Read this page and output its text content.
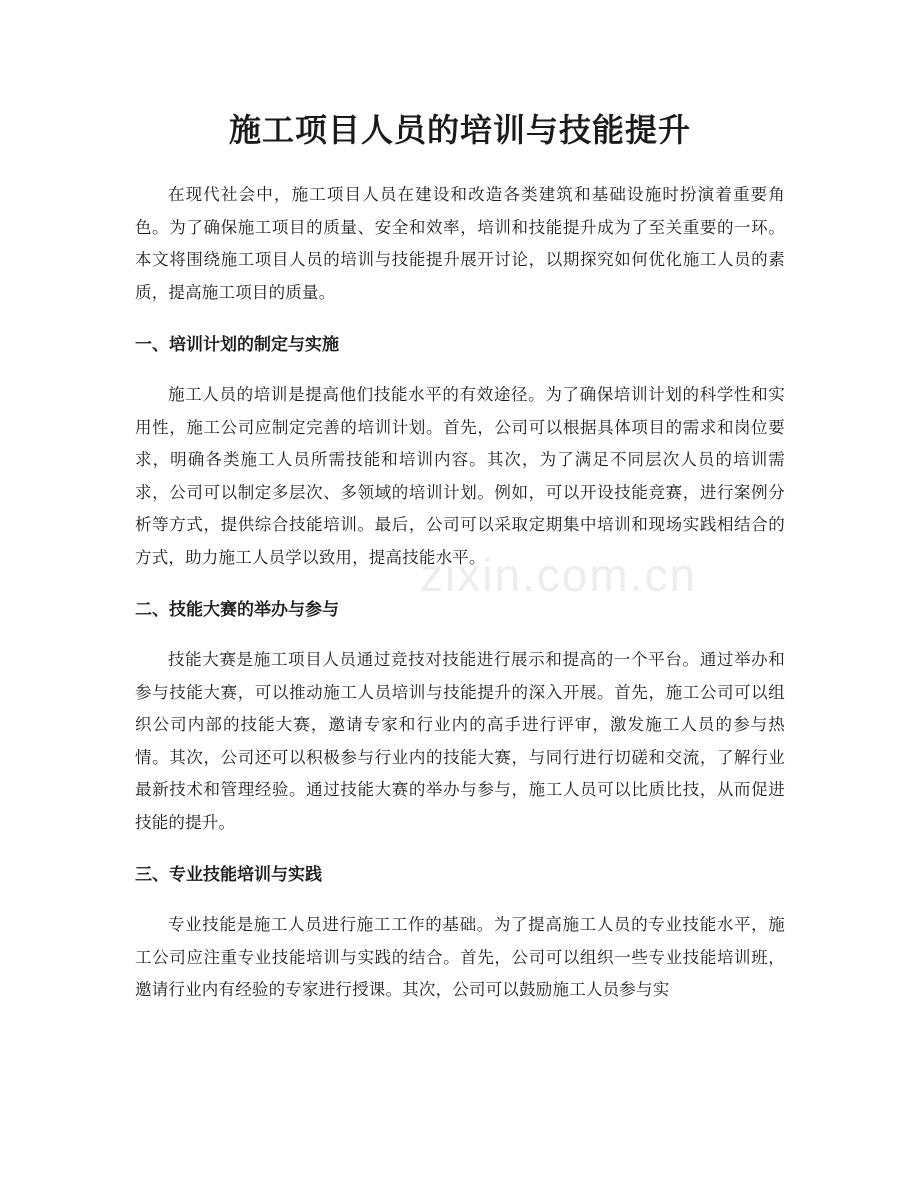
zixin.com.cn
施工项目人员的培训与技能提升

在现代社会中，施工项目人员在建设和改造各类建筑和基础设施时扮演着重要角色。为了确保施工项目的质量、安全和效率，培训和技能提升成为了至关重要的一环。本文将围绕施工项目人员的培训与技能提升展开讨论，以期探究如何优化施工人员的素质，提高施工项目的质量。

一、培训计划的制定与实施

施工人员的培训是提高他们技能水平的有效途径。为了确保培训计划的科学性和实用性，施工公司应制定完善的培训计划。首先，公司可以根据具体项目的需求和岗位要求，明确各类施工人员所需技能和培训内容。其次，为了满足不同层次人员的培训需求，公司可以制定多层次、多领域的培训计划。例如，可以开设技能竞赛，进行案例分析等方式，提供综合技能培训。最后，公司可以采取定期集中培训和现场实践相结合的方式，助力施工人员学以致用，提高技能水平。

二、技能大赛的举办与参与

技能大赛是施工项目人员通过竞技对技能进行展示和提高的一个平台。通过举办和参与技能大赛，可以推动施工人员培训与技能提升的深入开展。首先，施工公司可以组织公司内部的技能大赛，邀请专家和行业内的高手进行评审，激发施工人员的参与热情。其次，公司还可以积极参与行业内的技能大赛，与同行进行切磋和交流，了解行业最新技术和管理经验。通过技能大赛的举办与参与，施工人员可以比质比技，从而促进技能的提升。

三、专业技能培训与实践

专业技能是施工人员进行施工工作的基础。为了提高施工人员的专业技能水平，施工公司应注重专业技能培训与实践的结合。首先，公司可以组织一些专业技能培训班，邀请行业内有经验的专家进行授课。其次，公司可以鼓励施工人员参与实
